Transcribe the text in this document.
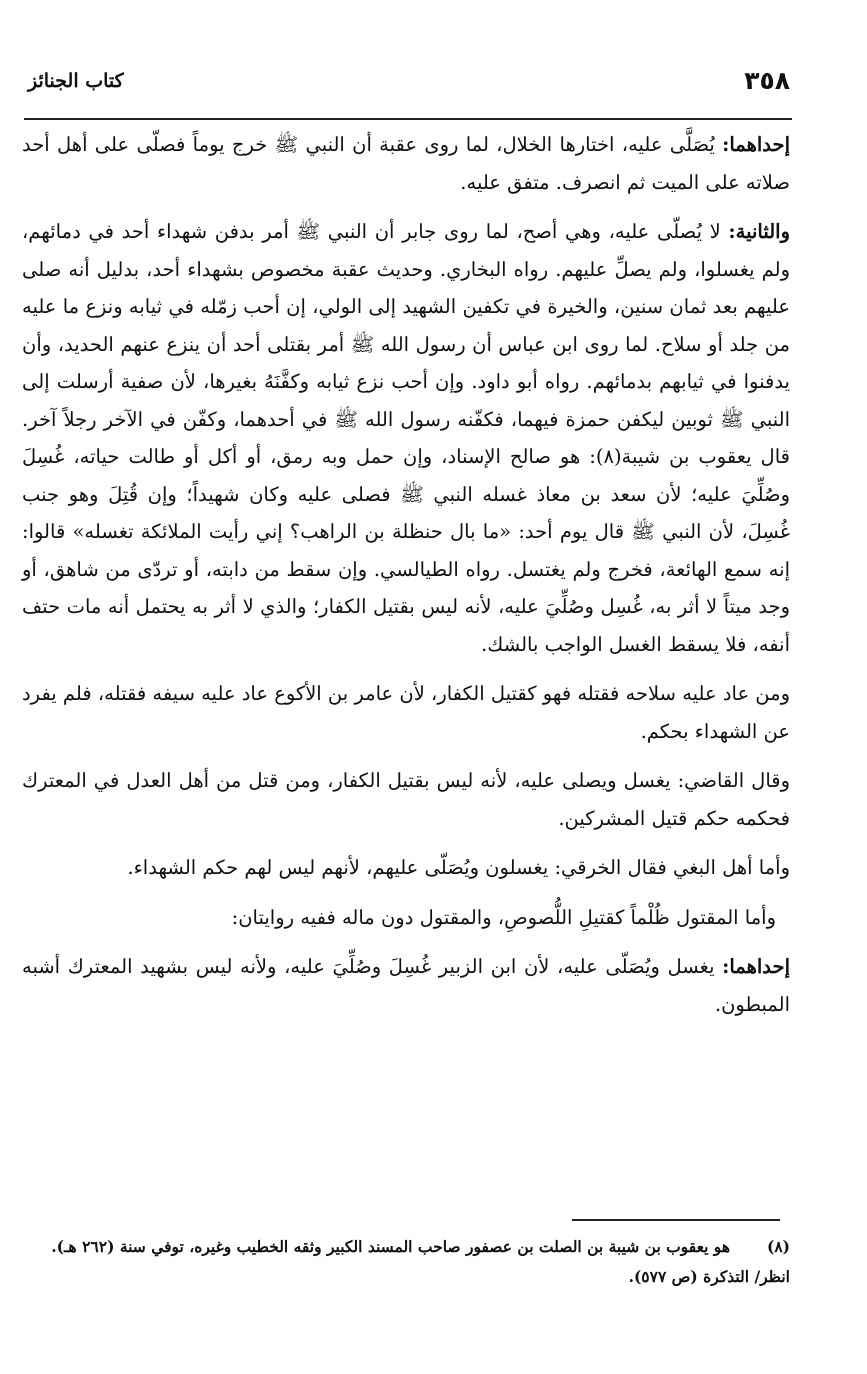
٣٥٨
كتاب الجنائز

إحداهما: يُصَلَّى عليه، اختارها الخلال، لما روى عقبة أن النبي ﷺ خرج يوماً فصلّى على أهل أحد صلاته على الميت ثم انصرف. متفق عليه.

والثانية: لا يُصلّى عليه، وهي أصح، لما روى جابر أن النبي ﷺ أمر بدفن شهداء أحد في دمائهم، ولم يغسلوا، ولم يصلِّ عليهم. رواه البخاري. وحديث عقبة مخصوص بشهداء أحد، بدليل أنه صلى عليهم بعد ثمان سنين، والخيرة في تكفين الشهيد إلى الولي، إن أحب زمّله في ثيابه ونزع ما عليه من جلد أو سلاح. لما روى ابن عباس أن رسول الله ﷺ أمر بقتلى أحد أن ينزع عنهم الحديد، وأن يدفنوا في ثيابهم بدمائهم. رواه أبو داود. وإن أحب نزع ثيابه وكفَّنَهُ بغيرها، لأن صفية أرسلت إلى النبي ﷺ ثوبين ليكفن حمزة فيهما، فكفّنه رسول الله ﷺ في أحدهما، وكفّن في الآخر رجلاً آخر. قال يعقوب بن شيبة(٨): هو صالح الإسناد، وإن حمل وبه رمق، أو أكل أو طالت حياته، غُسِلَ وصُلِّيَ عليه؛ لأن سعد بن معاذ غسله النبي ﷺ فصلى عليه وكان شهيداً؛ وإن قُتِلَ وهو جنب غُسِلَ، لأن النبي ﷺ قال يوم أحد: «ما بال حنظلة بن الراهب؟ إني رأيت الملائكة تغسله» قالوا: إنه سمع الهائعة، فخرج ولم يغتسل. رواه الطيالسي. وإن سقط من دابته، أو تردّى من شاهق، أو وجد ميتاً لا أثر به، غُسِل وصُلِّيَ عليه، لأنه ليس بقتيل الكفار؛ والذي لا أثر به يحتمل أنه مات حتف أنفه، فلا يسقط الغسل الواجب بالشك.

ومن عاد عليه سلاحه فقتله فهو كقتيل الكفار، لأن عامر بن الأكوع عاد عليه سيفه فقتله، فلم يفرد عن الشهداء بحكم.

وقال القاضي: يغسل ويصلى عليه، لأنه ليس بقتيل الكفار، ومن قتل من أهل العدل في المعترك فحكمه حكم قتيل المشركين.

وأما أهل البغي فقال الخرقي: يغسلون ويُصَلّى عليهم، لأنهم ليس لهم حكم الشهداء.

وأما المقتول ظُلْماً كقتيلِ اللُّصوصِ، والمقتول دون ماله ففيه روايتان:

إحداهما: يغسل ويُصَلّى عليه، لأن ابن الزبير غُسِلَ وصُلِّيَ عليه، ولأنه ليس بشهيد المعترك أشبه المبطون.

(٨)هو يعقوب بن شيبة بن الصلت بن عصفور صاحب المسند الكبير وثقه الخطيب وغيره، توفي سنة (٢٦٢ هـ). انظر/ التذكرة (ص ٥٧٧).
